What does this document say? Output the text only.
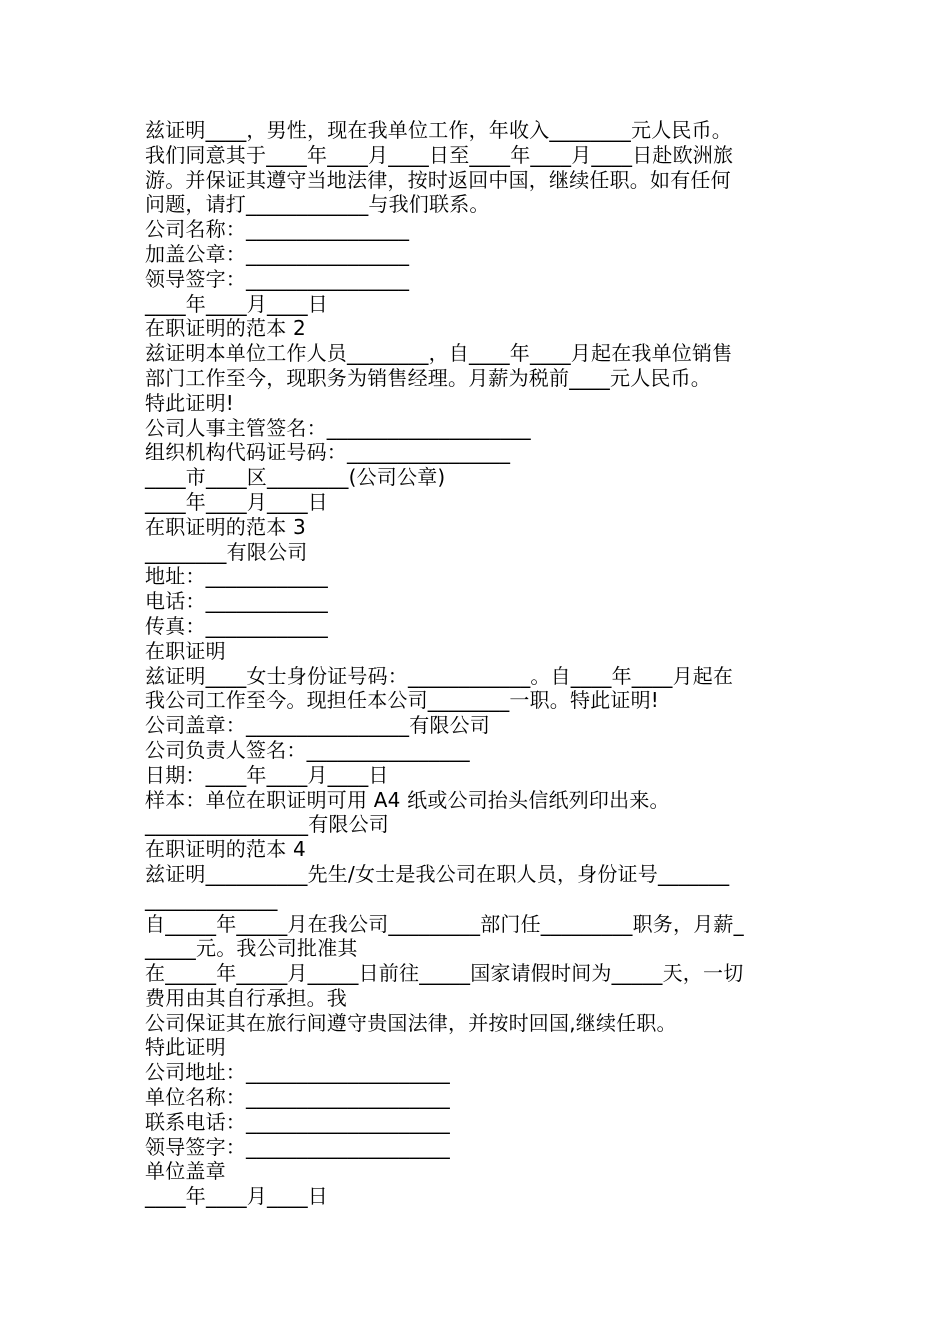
兹证明____，男性，现在我单位工作，年收入________元人民币。
我们同意其于____年____月____日至____年____月____日赴欧洲旅
游。并保证其遵守当地法律，按时返回中国，继续任职。如有任何
问题，请打____________与我们联系。
公司名称：________________
加盖公章：________________
领导签字：________________
____年____月____日
在职证明的范本 2
兹证明本单位工作人员________，自____年____月起在我单位销售
部门工作至今，现职务为销售经理。月薪为税前____元人民币。
特此证明!
公司人事主管签名：____________________
组织机构代码证号码：________________
____市____区________(公司公章)
____年____月____日
在职证明的范本 3
________有限公司
地址：____________
电话：____________
传真：____________
在职证明
兹证明____女士身份证号码：____________。自____年____月起在
我公司工作至今。现担任本公司________一职。特此证明!
公司盖章：________________有限公司
公司负责人签名：________________
日期：____年____月____日
样本：单位在职证明可用 A4 纸或公司抬头信纸列印出来。
________________有限公司
在职证明的范本 4
兹证明__________先生/女士是我公司在职人员，身份证号_______
_____________
自_____年_____月在我公司_________部门任_________职务，月薪_
_____元。我公司批准其
在_____年_____月_____日前往_____国家请假时间为_____天，一切
费用由其自行承担。我
公司保证其在旅行间遵守贵国法律，并按时回国,继续任职。
特此证明
公司地址：____________________
单位名称：____________________
联系电话：____________________
领导签字：____________________
单位盖章
____年____月____日
